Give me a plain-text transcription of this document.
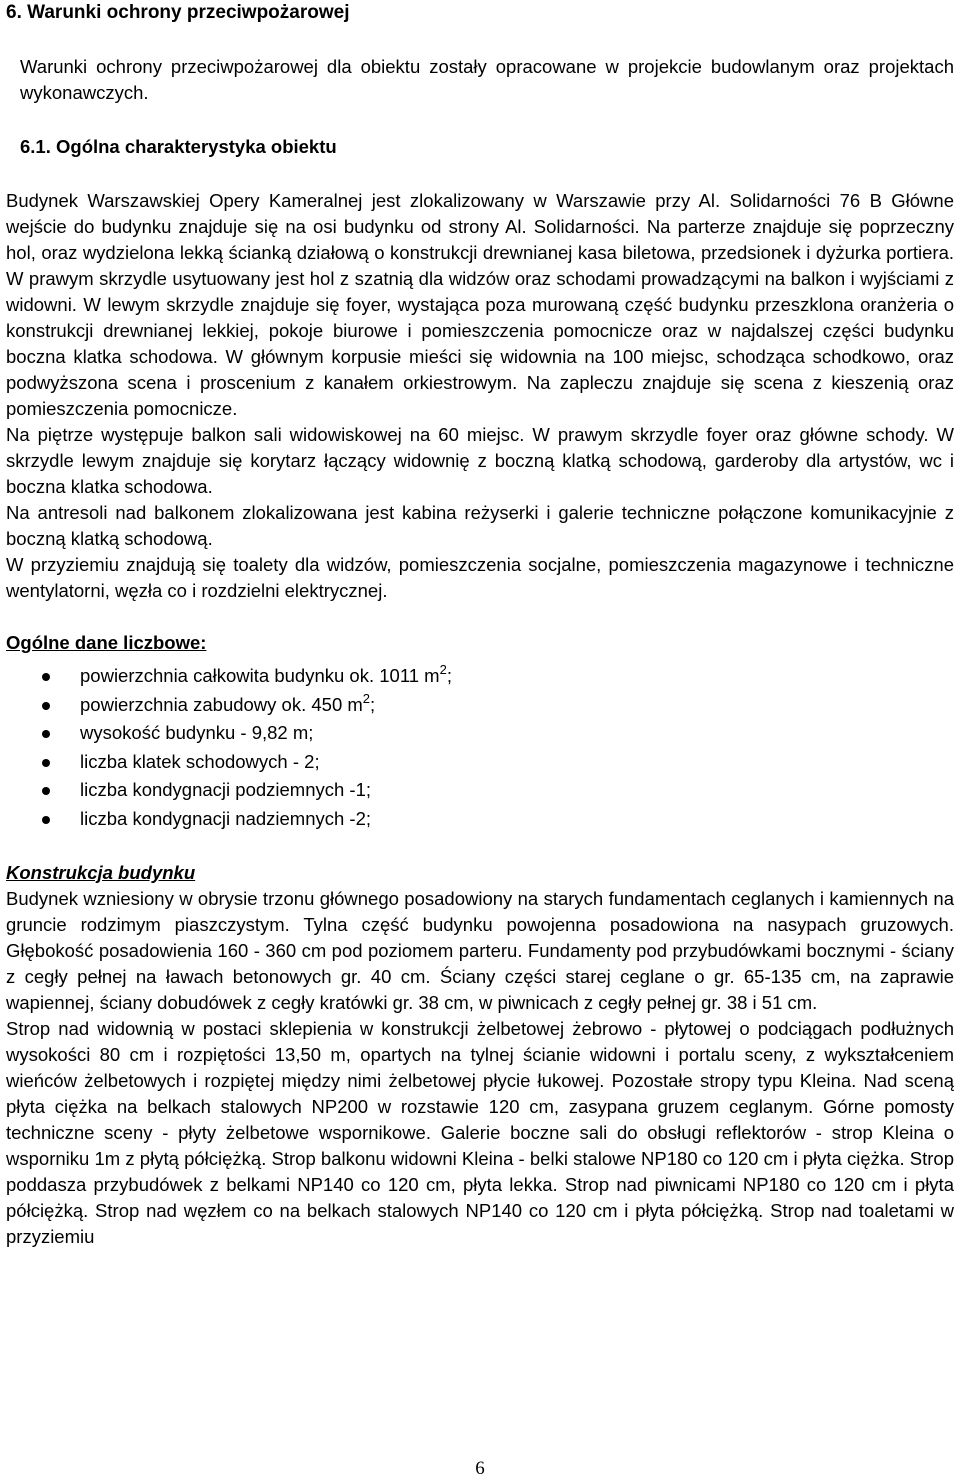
6. Warunki ochrony przeciwpożarowej

Warunki ochrony przeciwpożarowej dla obiektu zostały opracowane w projekcie budowlanym oraz projektach wykonawczych.

6.1. Ogólna charakterystyka obiektu

Budynek Warszawskiej Opery Kameralnej jest zlokalizowany w Warszawie przy Al. Solidarności 76 B Główne wejście do budynku znajduje się na osi budynku od strony Al. Solidarności. Na parterze znajduje się poprzeczny hol, oraz wydzielona lekką ścianką działową o konstrukcji drewnianej kasa biletowa, przedsionek i dyżurka portiera. W prawym skrzydle usytuowany jest hol z szatnią dla widzów oraz schodami prowadzącymi na balkon i wyjściami z widowni. W lewym skrzydle znajduje się foyer, wystająca poza murowaną część budynku przeszklona oranżeria o konstrukcji drewnianej lekkiej, pokoje biurowe i pomieszczenia pomocnicze oraz w najdalszej części budynku boczna klatka schodowa. W głównym korpusie mieści się widownia na 100 miejsc, schodząca schodkowo, oraz podwyższona scena i proscenium z kanałem orkiestrowym. Na zapleczu znajduje się scena z kieszenią oraz pomieszczenia pomocnicze.

Na piętrze występuje balkon sali widowiskowej na 60 miejsc. W prawym skrzydle foyer oraz główne schody. W skrzydle lewym znajduje się korytarz łączący widownię z boczną klatką schodową, garderoby dla artystów, wc i boczna klatka schodowa.

Na antresoli nad balkonem zlokalizowana jest kabina reżyserki i galerie techniczne połączone komunikacyjnie z boczną klatką schodową.

W przyziemiu znajdują się toalety dla widzów, pomieszczenia socjalne, pomieszczenia magazynowe i techniczne wentylatorni, węzła co i rozdzielni elektrycznej.

Ogólne dane liczbowe:

powierzchnia całkowita budynku ok. 1011 $m^2$;
powierzchnia zabudowy ok. 450 $m^2$;
wysokość budynku - 9,82 m;
liczba klatek schodowych - 2;
liczba kondygnacji podziemnych -1;
liczba kondygnacji nadziemnych -2;

Konstrukcja budynku

Budynek wzniesiony w obrysie trzonu głównego posadowiony na starych fundamentach ceglanych i kamiennych na gruncie rodzimym piaszczystym. Tylna część budynku powojenna posadowiona na nasypach gruzowych. Głębokość posadowienia 160 - 360 cm pod poziomem parteru. Fundamenty pod przybudówkami bocznymi - ściany z cegły pełnej na ławach betonowych gr. 40 cm. Ściany części starej ceglane o gr. 65-135 cm, na zaprawie wapiennej, ściany dobudówek z cegły kratówki gr. 38 cm, w piwnicach z cegły pełnej gr. 38 i 51 cm.

Strop nad widownią w postaci sklepienia w konstrukcji żelbetowej żebrowo - płytowej o podciągach podłużnych wysokości 80 cm i rozpiętości 13,50 m, opartych na tylnej ścianie widowni i portalu sceny, z wykształceniem wieńców żelbetowych i rozpiętej między nimi żelbetowej płycie łukowej. Pozostałe stropy typu Kleina. Nad sceną płyta ciężka na belkach stalowych NP200 w rozstawie 120 cm, zasypana gruzem ceglanym. Górne pomosty techniczne sceny - płyty żelbetowe wspornikowe. Galerie boczne sali do obsługi reflektorów - strop Kleina o wsporniku 1m z płytą półciężką. Strop balkonu widowni Kleina - belki stalowe NP180 co 120 cm i płyta ciężka. Strop poddasza przybudówek z belkami NP140 co 120 cm, płyta lekka. Strop nad piwnicami NP180 co 120 cm i płyta półciężką. Strop nad węzłem co na belkach stalowych NP140 co 120 cm i płyta półciężką. Strop nad toaletami w przyziemiu

6
